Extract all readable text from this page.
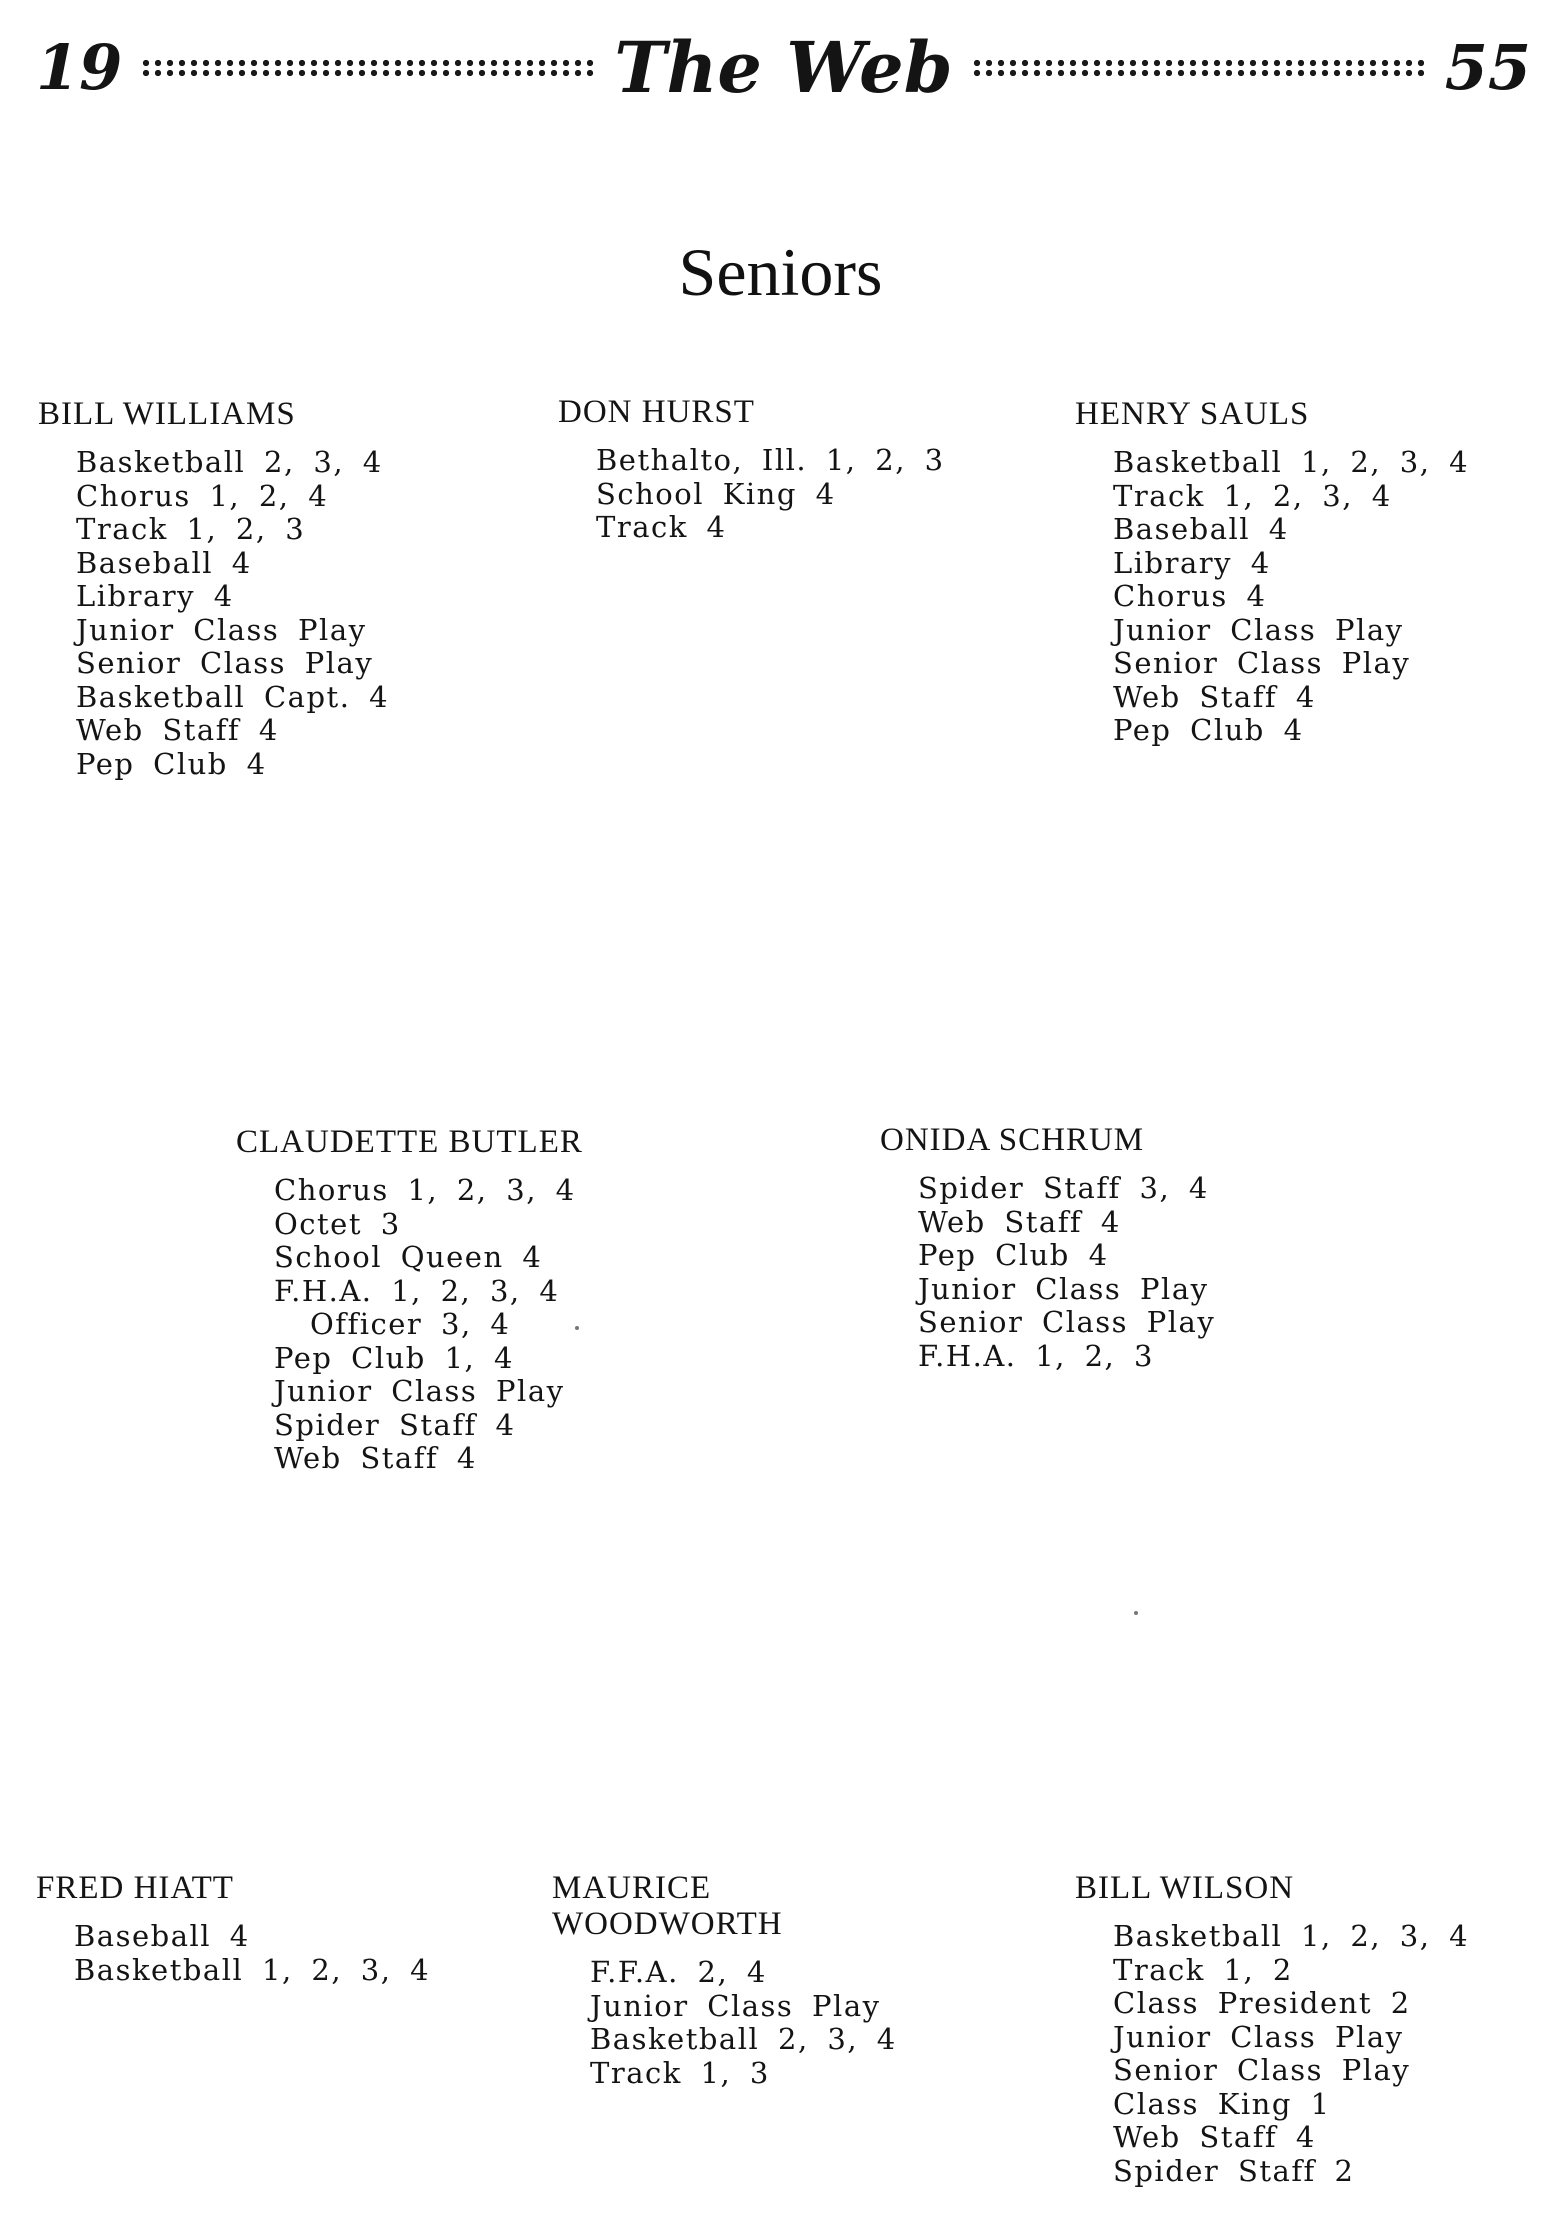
19	The Web	55
Seniors
BILL WILLIAMS
Basketball 2, 3, 4
Chorus 1, 2, 4
Track 1, 2, 3
Baseball 4
Library 4
Junior Class Play
Senior Class Play
Basketball Capt. 4
Web Staff 4
Pep Club 4
DON HURST
Bethalto, Ill. 1, 2, 3
School King 4
Track 4
HENRY SAULS
Basketball 1, 2, 3, 4
Track 1, 2, 3, 4
Baseball 4
Library 4
Chorus 4
Junior Class Play
Senior Class Play
Web Staff 4
Pep Club 4
CLAUDETTE BUTLER
Chorus 1, 2, 3, 4
Octet 3
School Queen 4
F.H.A. 1, 2, 3, 4
Officer 3, 4
Pep Club 1, 4
Junior Class Play
Spider Staff 4
Web Staff 4
ONIDA SCHRUM
Spider Staff 3, 4
Web Staff 4
Pep Club 4
Junior Class Play
Senior Class Play
F.H.A. 1, 2, 3
FRED HIATT
Baseball 4
Basketball 1, 2, 3, 4
MAURICE
WOODWORTH
F.F.A. 2, 4
Junior Class Play
Basketball 2, 3, 4
Track 1, 3
BILL WILSON
Basketball 1, 2, 3, 4
Track 1, 2
Class President 2
Junior Class Play
Senior Class Play
Class King 1
Web Staff 4
Spider Staff 2
